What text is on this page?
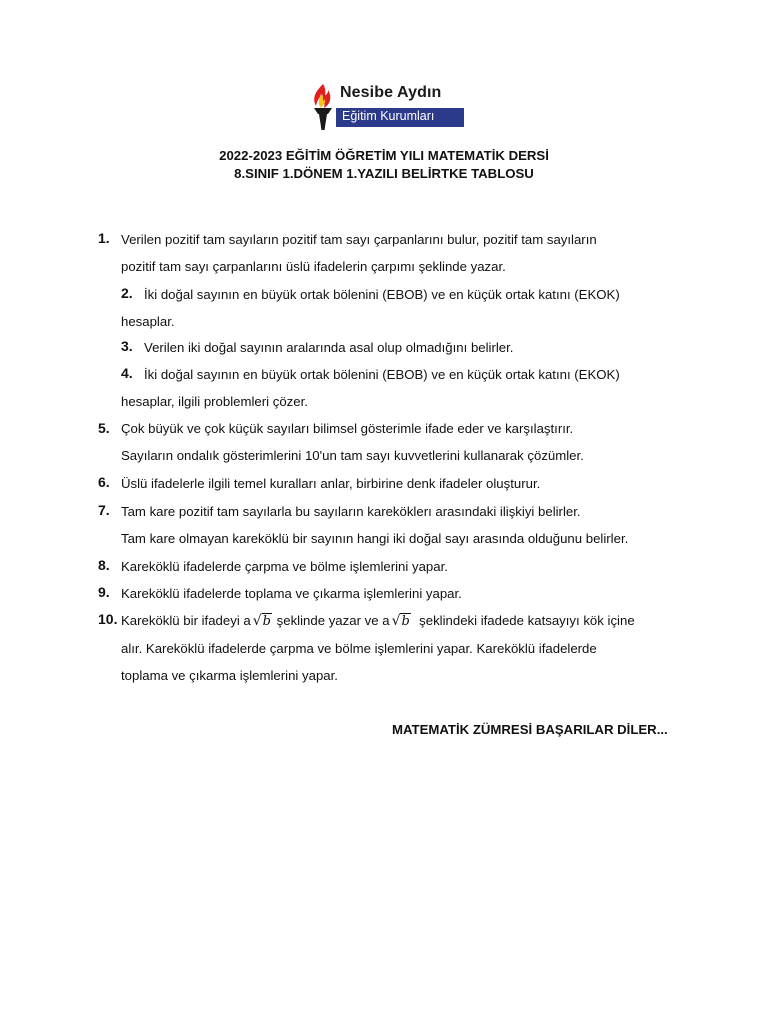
Nesibe Aydın
Eğitim Kurumları
2022-2023 EĞİTİM ÖĞRETİM YILI MATEMATİK DERSİ
8.SINIF 1.DÖNEM 1.YAZILI BELİRTKE TABLOSU
1. Verilen pozitif tam sayıların pozitif tam sayı çarpanlarını bulur, pozitif tam sayıların
pozitif tam sayı çarpanlarını üslü ifadelerin çarpımı şeklinde yazar.
2. İki doğal sayının en büyük ortak bölenini (EBOB) ve en küçük ortak katını (EKOK)
hesaplar.
3. Verilen iki doğal sayının aralarında asal olup olmadığını belirler.
4. İki doğal sayının en büyük ortak bölenini (EBOB) ve en küçük ortak katını (EKOK)
hesaplar, ilgili problemleri çözer.
5. Çok büyük ve çok küçük sayıları bilimsel gösterimle ifade eder ve karşılaştırır.
Sayıların ondalık gösterimlerini 10'un tam sayı kuvvetlerini kullanarak çözümler.
6. Üslü ifadelerle ilgili temel kuralları anlar, birbirine denk ifadeler oluşturur.
7. Tam kare pozitif tam sayılarla bu sayıların kareköklerı arasındaki ilişkiyi belirler.
Tam kare olmayan kareköklü bir sayının hangi iki doğal sayı arasında olduğunu belirler.
8. Kareköklü ifadelerde çarpma ve bölme işlemlerini yapar.
9. Kareköklü ifadelerde toplama ve çıkarma işlemlerini yapar.
10. Kareköklü bir ifadeyi a √b şeklinde yazar ve a √b  şeklindeki ifadede katsayıyı kök içine
alır. Kareköklü ifadelerde çarpma ve bölme işlemlerini yapar. Kareköklü ifadelerde
toplama ve çıkarma işlemlerini yapar.
MATEMATİK ZÜMRESİ BAŞARILAR DİLER...
